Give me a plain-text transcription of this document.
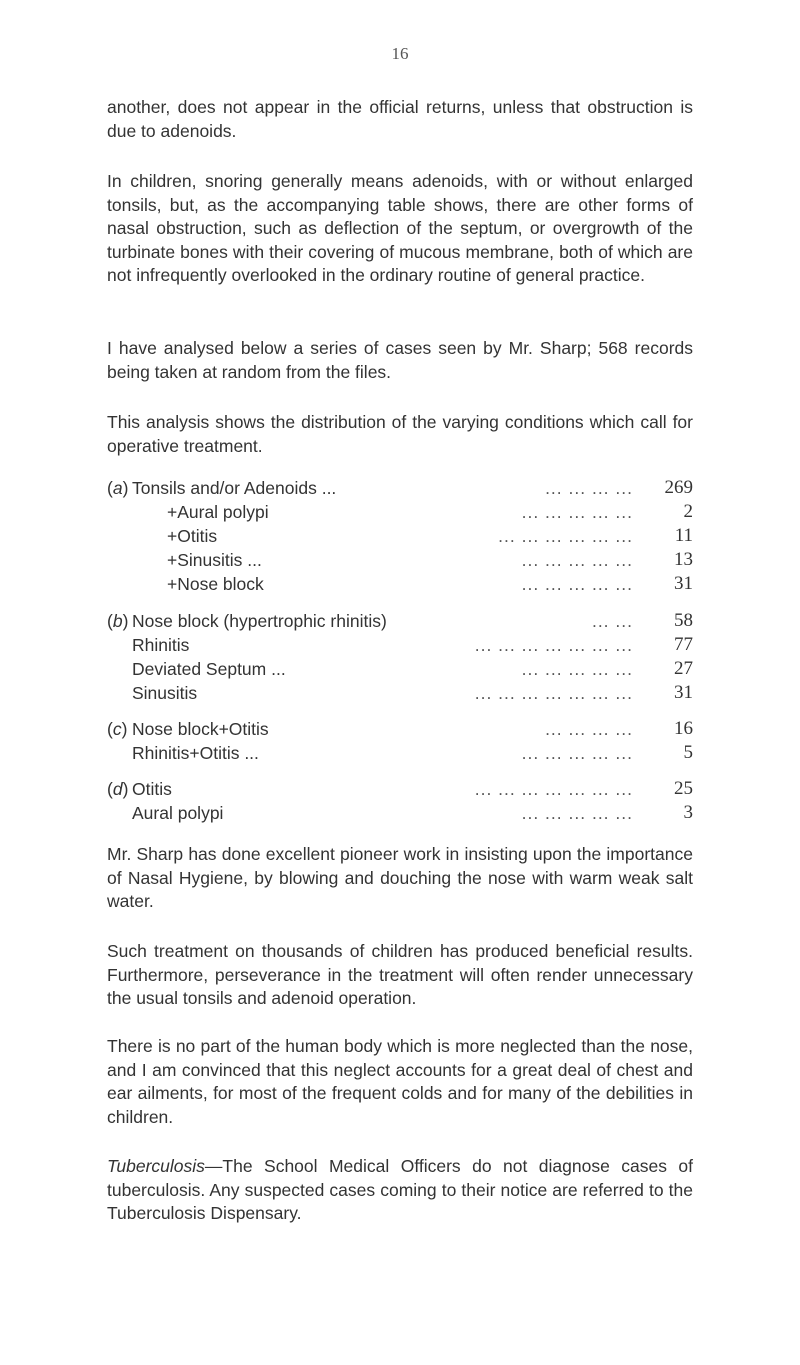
16

another, does not appear in the official returns, unless that obstruction is due to adenoids.

In children, snoring generally means adenoids, with or without enlarged tonsils, but, as the accompanying table shows, there are other forms of nasal obstruction, such as deflection of the septum, or overgrowth of the turbinate bones with their covering of mucous membrane, both of which are not infrequently overlooked in the ordinary routine of general practice.

I have analysed below a series of cases seen by Mr. Sharp; 568 records being taken at random from the files.

This analysis shows the distribution of the varying conditions which call for operative treatment.

(a) Tonsils and/or Adenoids ...	... ... ... ...	269
+Aural polypi	... ... ... ... ...	2
+Otitis	... ... ... ... ... ...	11
+Sinusitis ...	... ... ... ... ...	13
+Nose block	... ... ... ... ...	31
(b) Nose block (hypertrophic rhinitis)	... ...	58
Rhinitis	... ... ... ... ... ... ...	77
Deviated Septum ...	... ... ... ... ...	27
Sinusitis	... ... ... ... ... ... ...	31
(c) Nose block+Otitis	... ... ... ...	16
Rhinitis+Otitis ...	... ... ... ... ...	5
(d) Otitis	... ... ... ... ... ... ...	25
Aural polypi	... ... ... ... ...	3

Mr. Sharp has done excellent pioneer work in insisting upon the importance of Nasal Hygiene, by blowing and douching the nose with warm weak salt water.

Such treatment on thousands of children has produced beneficial results. Furthermore, perseverance in the treatment will often render unnecessary the usual tonsils and adenoid operation.

There is no part of the human body which is more neglected than the nose, and I am convinced that this neglect accounts for a great deal of chest and ear ailments, for most of the frequent colds and for many of the debilities in children.

Tuberculosis—The School Medical Officers do not diagnose cases of tuberculosis. Any suspected cases coming to their notice are referred to the Tuberculosis Dispensary.
